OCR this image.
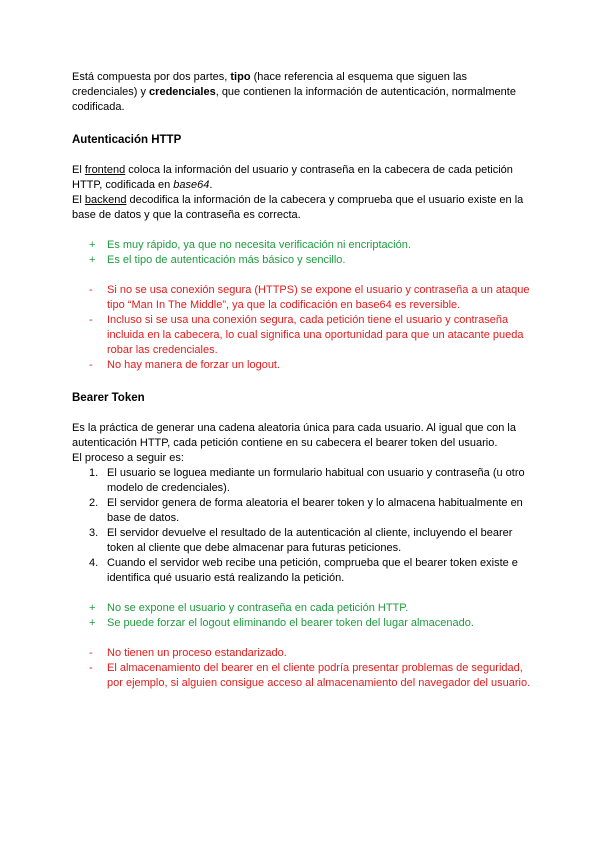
Está compuesta por dos partes, tipo (hace referencia al esquema que siguen las credenciales) y credenciales, que contienen la información de autenticación, normalmente codificada.

Autenticación HTTP

El frontend coloca la información del usuario y contraseña en la cabecera de cada petición HTTP, codificada en base64.

El backend decodifica la información de la cabecera y comprueba que el usuario existe en la base de datos y que la contraseña es correcta.

+ Es muy rápido, ya que no necesita verificación ni encriptación.
+ Es el tipo de autenticación más básico y sencillo.
- Si no se usa conexión segura (HTTPS) se expone el usuario y contraseña a un ataque tipo “Man In The Middle”, ya que la codificación en base64 es reversible.
- Incluso si se usa una conexión segura, cada petición tiene el usuario y contraseña incluida en la cabecera, lo cual significa una oportunidad para que un atacante pueda robar las credenciales.
- No hay manera de forzar un logout.

Bearer Token

Es la práctica de generar una cadena aleatoria única para cada usuario. Al igual que con la autenticación HTTP, cada petición contiene en su cabecera el bearer token del usuario.

El proceso a seguir es:

1. El usuario se loguea mediante un formulario habitual con usuario y contraseña (u otro modelo de credenciales).
2. El servidor genera de forma aleatoria el bearer token y lo almacena habitualmente en base de datos.
3. El servidor devuelve el resultado de la autenticación al cliente, incluyendo el bearer token al cliente que debe almacenar para futuras peticiones.
4. Cuando el servidor web recibe una petición, comprueba que el bearer token existe e identifica qué usuario está realizando la petición.
+ No se expone el usuario y contraseña en cada petición HTTP.
+ Se puede forzar el logout eliminando el bearer token del lugar almacenado.
- No tienen un proceso estandarizado.
- El almacenamiento del bearer en el cliente podría presentar problemas de seguridad, por ejemplo, si alguien consigue acceso al almacenamiento del navegador del usuario.
